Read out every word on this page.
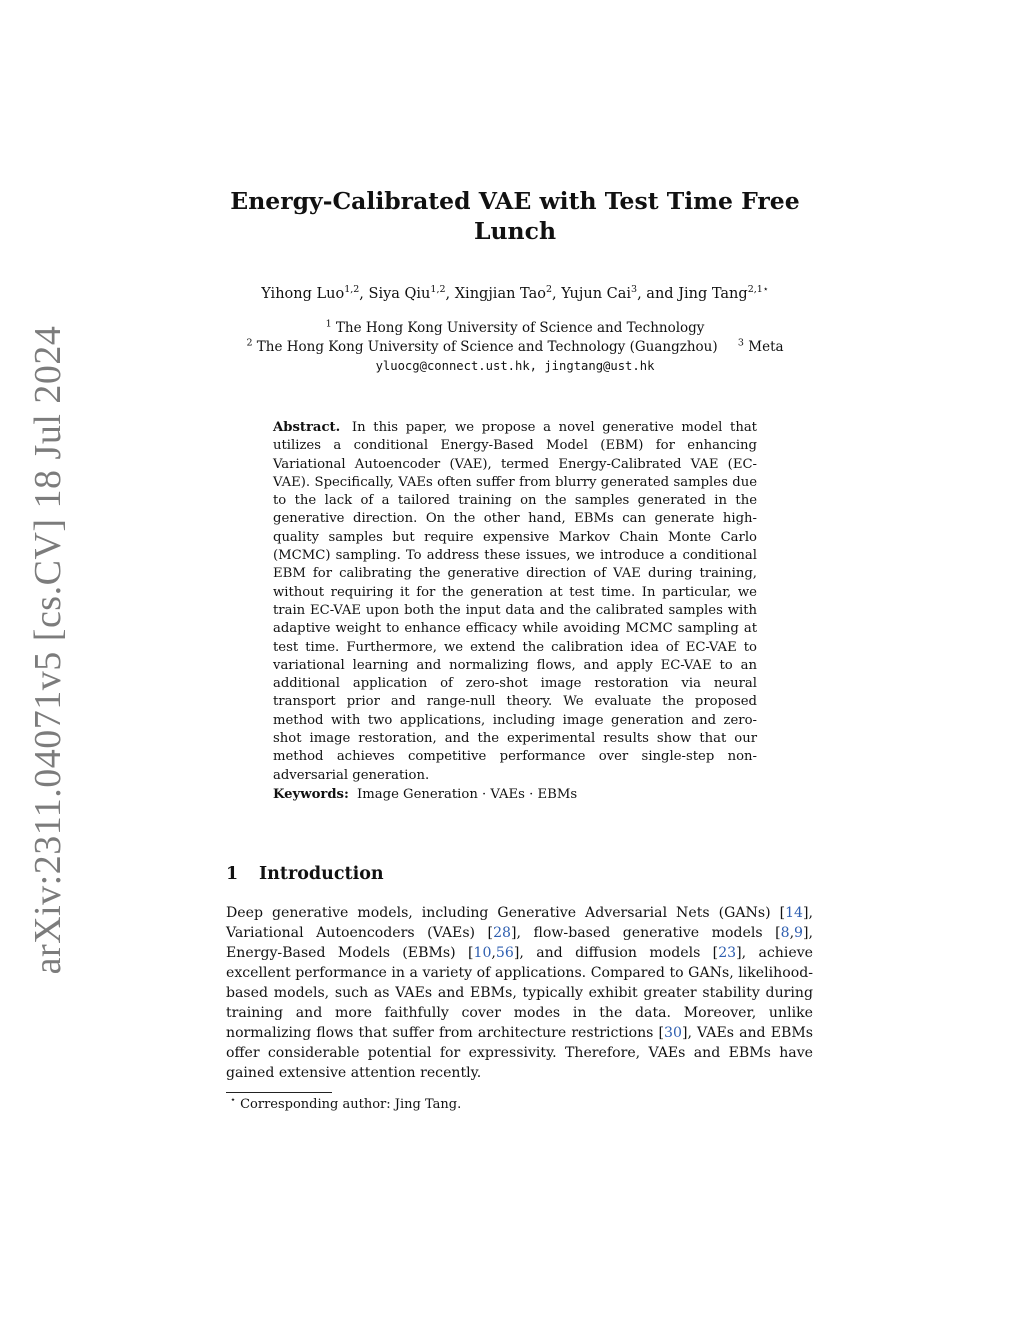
arXiv:2311.04071v5 [cs.CV] 18 Jul 2024
Energy-Calibrated VAE with Test Time Free
Lunch
Yihong Luo$^{1,2}$, Siya Qiu$^{1,2}$, Xingjian Tao$^2$, Yujun Cai$^3$, and Jing Tang$^{2,1⋆}$
$^1$ The Hong Kong University of Science and Technology
$^2$ The Hong Kong University of Science and Technology (Guangzhou) $^3$ Meta
yluocg@connect.ust.hk, jingtang@ust.hk
Abstract. In this paper, we propose a novel generative model that utilizes a conditional Energy-Based Model (EBM) for enhancing Variational Autoencoder (VAE), termed Energy-Calibrated VAE (EC-VAE). Specifically, VAEs often suffer from blurry generated samples due to the lack of a tailored training on the samples generated in the generative direction. On the other hand, EBMs can generate high-quality samples but require expensive Markov Chain Monte Carlo (MCMC) sampling. To address these issues, we introduce a conditional EBM for calibrating the generative direction of VAE during training, without requiring it for the generation at test time. In particular, we train EC-VAE upon both the input data and the calibrated samples with adaptive weight to enhance efficacy while avoiding MCMC sampling at test time. Furthermore, we extend the calibration idea of EC-VAE to variational learning and normalizing flows, and apply EC-VAE to an additional application of zero-shot image restoration via neural transport prior and range-null theory. We evaluate the proposed method with two applications, including image generation and zero-shot image restoration, and the experimental results show that our method achieves competitive performance over single-step non-adversarial generation.
Keywords: Image Generation · VAEs · EBMs
1 Introduction
Deep generative models, including Generative Adversarial Nets (GANs) [14], Variational Autoencoders (VAEs) [28], flow-based generative models [8,9], Energy-Based Models (EBMs) [10,56], and diffusion models [23], achieve excellent performance in a variety of applications. Compared to GANs, likelihood-based models, such as VAEs and EBMs, typically exhibit greater stability during training and more faithfully cover modes in the data. Moreover, unlike normalizing flows that suffer from architecture restrictions [30], VAEs and EBMs offer considerable potential for expressivity. Therefore, VAEs and EBMs have gained extensive attention recently.
⋆ Corresponding author: Jing Tang.
